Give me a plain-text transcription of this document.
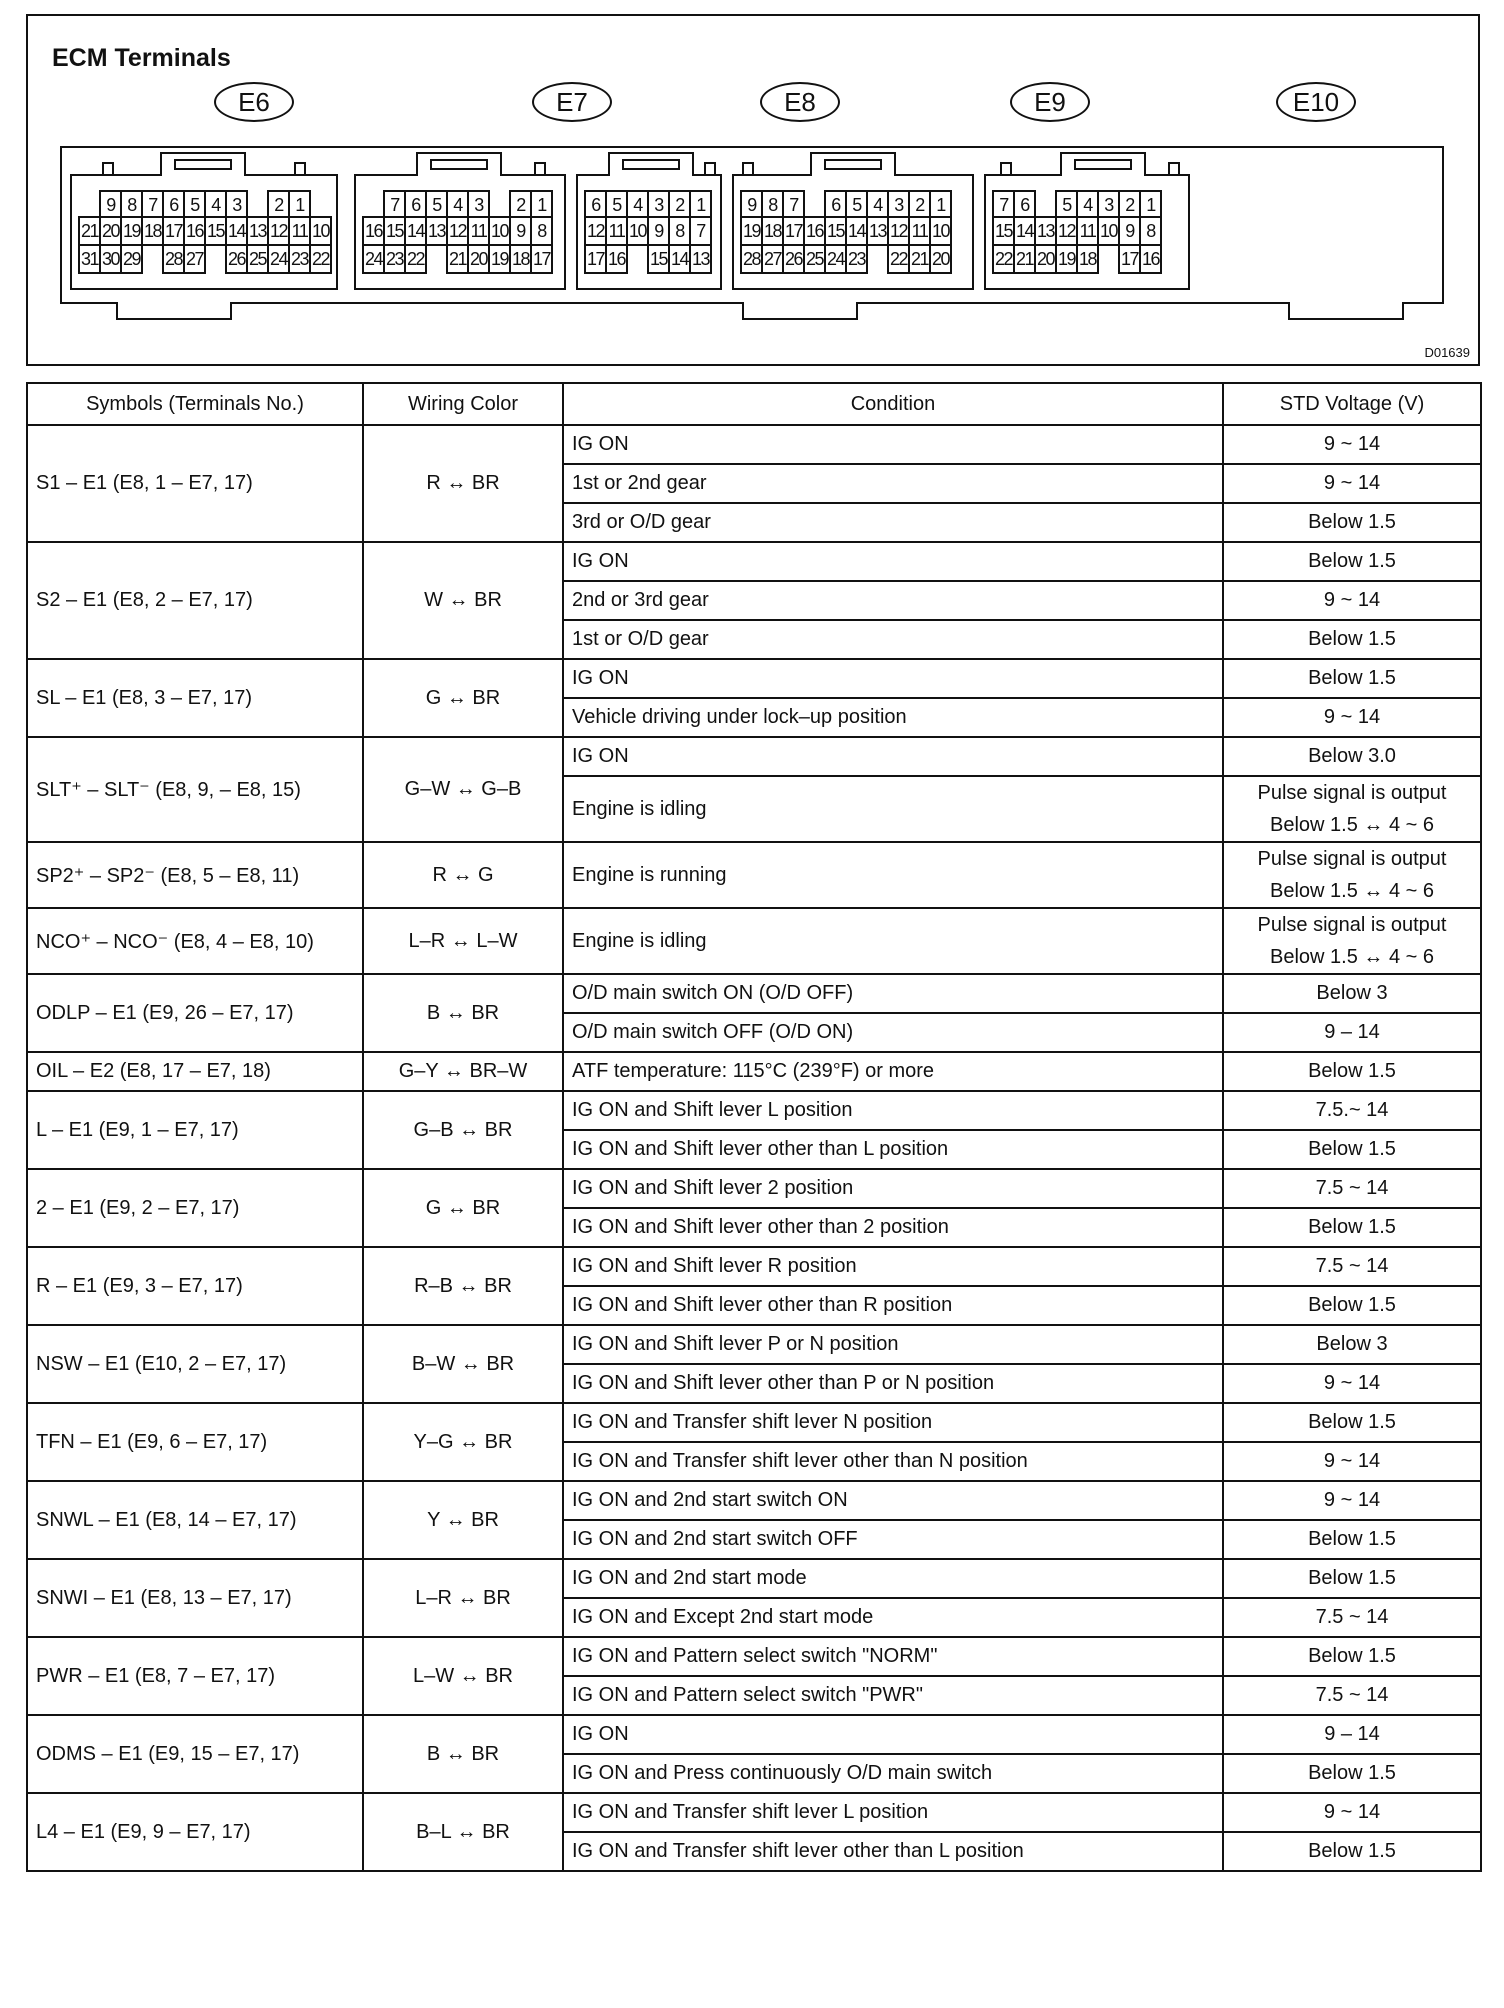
ECM Terminals
E6	E7	E8	E9	E10
9 8 7 6 5 4 3	2 1
21 20 19 18 17 16 15 14 13 12 11 10
31 30 29 28 27 26 25 24 23 22
7 6 5 4 3	2 1
16 15 14 13 12 11 10 9 8
24 23 22 21 20 19 18 17
6 5 4 3 2 1
12 11 10 9 8 7
17 16 15 14 13
9 8 7	6 5 4 3 2 1
19 18 17 16 15 14 13 12 11 10
28 27 26 25 24 23 22 21 20
7 6	5 4 3 2 1
15 14 13 12 11 10 9 8
22 21 20 19 18 17 16
D01639
Symbols (Terminals No.)	Wiring Color	Condition	STD Voltage (V)
S1 – E1 (E8, 1 – E7, 17)	R ↔ BR	IG ON	9 ~ 14

		1st or 2nd gear	9 ~ 14

		3rd or O/D gear	Below 1.5

S2 – E1 (E8, 2 – E7, 17)	W ↔ BR	IG ON	Below 1.5

		2nd or 3rd gear	9 ~ 14

		1st or O/D gear	Below 1.5

SL – E1 (E8, 3 – E7, 17)	G ↔ BR	IG ON	Below 1.5

		Vehicle driving under lock–up position	9 ~ 14

SLT⁺ – SLT⁻ (E8, 9, – E8, 15)	G–W ↔ G–B	IG ON	Below 3.0

		Engine is idling	Pulse signal is output
Below 1.5 ↔ 4 ~ 6

SP2⁺ – SP2⁻ (E8, 5 – E8, 11)	R ↔ G	Engine is running	Pulse signal is output
Below 1.5 ↔ 4 ~ 6

NCO⁺ – NCO⁻ (E8, 4 – E8, 10)	L–R ↔ L–W	Engine is idling	Pulse signal is output
Below 1.5 ↔ 4 ~ 6

ODLP – E1 (E9, 26 – E7, 17)	B ↔ BR	O/D main switch ON (O/D OFF)	Below 3

		O/D main switch OFF (O/D ON)	9 – 14

OIL – E2 (E8, 17 – E7, 18)	G–Y ↔ BR–W	ATF temperature: 115°C (239°F) or more	Below 1.5

L – E1 (E9, 1 – E7, 17)	G–B ↔ BR	IG ON and Shift lever L position	7.5.~ 14

		IG ON and Shift lever other than L position	Below 1.5

2 – E1 (E9, 2 – E7, 17)	G ↔ BR	IG ON and Shift lever 2 position	7.5 ~ 14

		IG ON and Shift lever other than 2 position	Below 1.5

R – E1 (E9, 3 – E7, 17)	R–B ↔ BR	IG ON and Shift lever R position	7.5 ~ 14

		IG ON and Shift lever other than R position	Below 1.5

NSW – E1 (E10, 2 – E7, 17)	B–W ↔ BR	IG ON and Shift lever P or N position	Below 3

		IG ON and Shift lever other than P or N position	9 ~ 14

TFN – E1 (E9, 6 – E7, 17)	Y–G ↔ BR	IG ON and Transfer shift lever N position	Below 1.5

		IG ON and Transfer shift lever other than N position	9 ~ 14

SNWL – E1 (E8, 14 – E7, 17)	Y ↔ BR	IG ON and 2nd start switch ON	9 ~ 14

		IG ON and 2nd start switch OFF	Below 1.5

SNWI – E1 (E8, 13 – E7, 17)	L–R ↔ BR	IG ON and 2nd start mode	Below 1.5

		IG ON and Except 2nd start mode	7.5 ~ 14

PWR – E1 (E8, 7 – E7, 17)	L–W ↔ BR	IG ON and Pattern select switch "NORM"	Below 1.5

		IG ON and Pattern select switch "PWR"	7.5 ~ 14

ODMS – E1 (E9, 15 – E7, 17)	B ↔ BR	IG ON	9 – 14

		IG ON and Press continuously O/D main switch	Below 1.5

L4 – E1 (E9, 9 – E7, 17)	B–L ↔ BR	IG ON and Transfer shift lever L position	9 ~ 14

		IG ON and Transfer shift lever other than L position	Below 1.5
